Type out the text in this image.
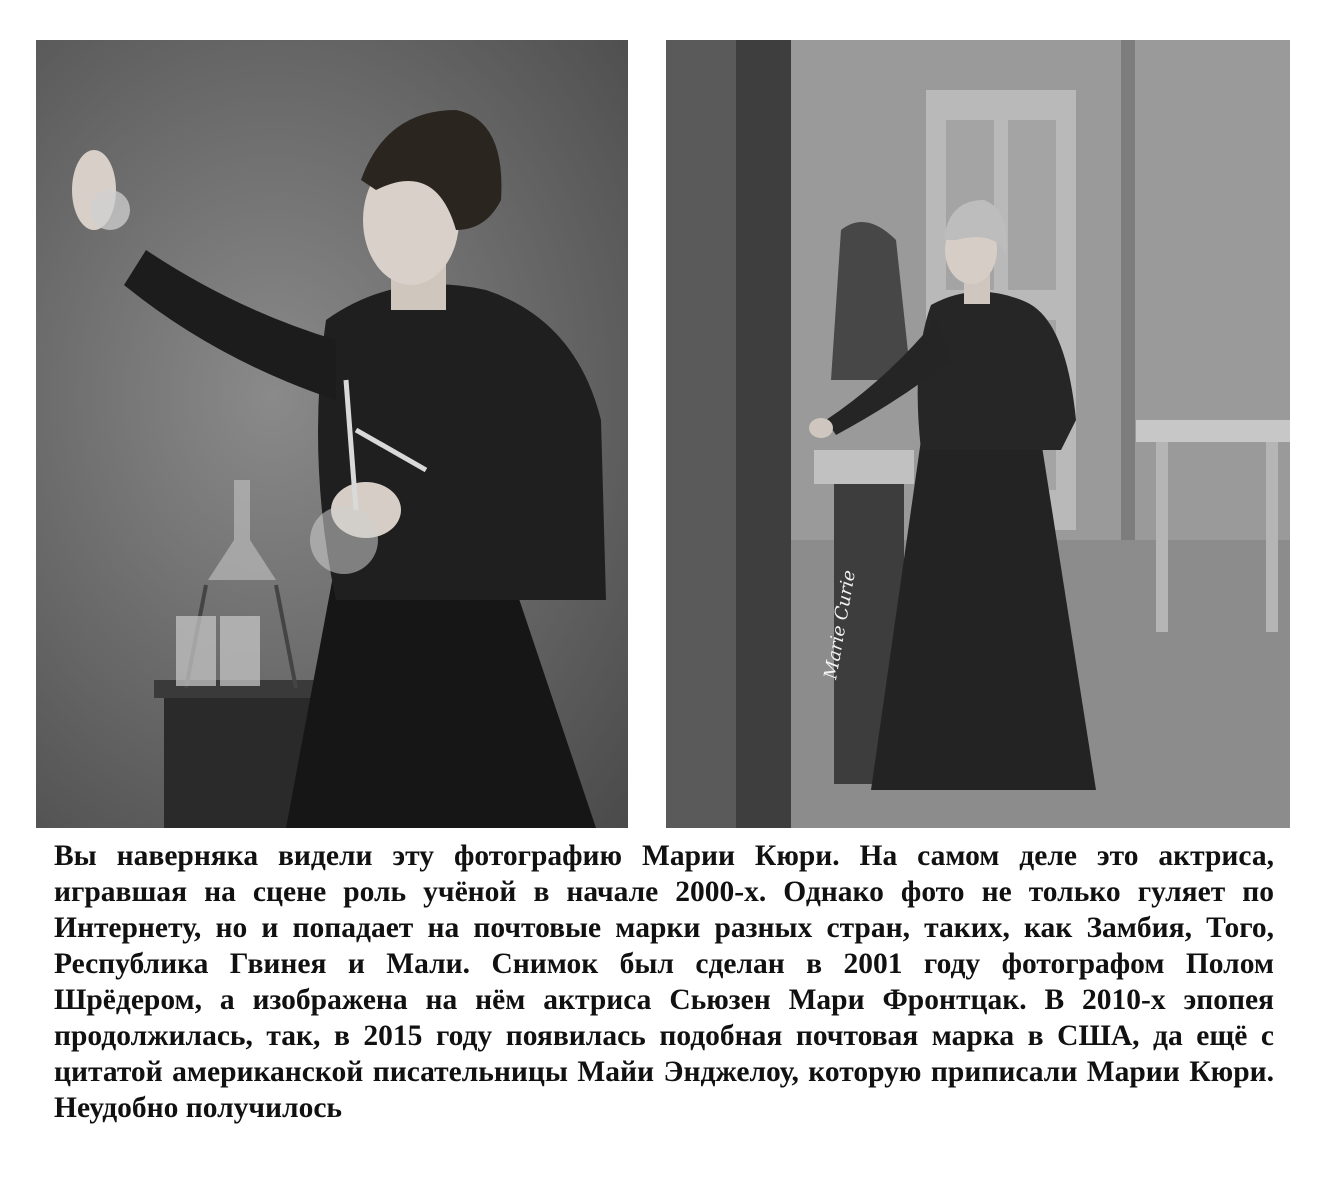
Marie Curie

Вы наверняка видели эту фотографию Марии Кюри. На самом деле это актриса, игравшая на сцене роль учёной в начале 2000-х. Однако фото не только гуляет по Интернету, но и попадает на почтовые марки разных стран, таких, как Замбия, Того, Республика Гвинея и Мали. Снимок был сделан в 2001 году фотографом Полом Шрёдером, а изображена на нём актриса Сьюзен Мари Фронтцак. В 2010-х эпопея продолжилась, так, в 2015 году появилась подобная почтовая марка в США, да ещё с цитатой американской писательницы Майи Энджелоу, которую приписали Марии Кюри. Неудобно получилось
